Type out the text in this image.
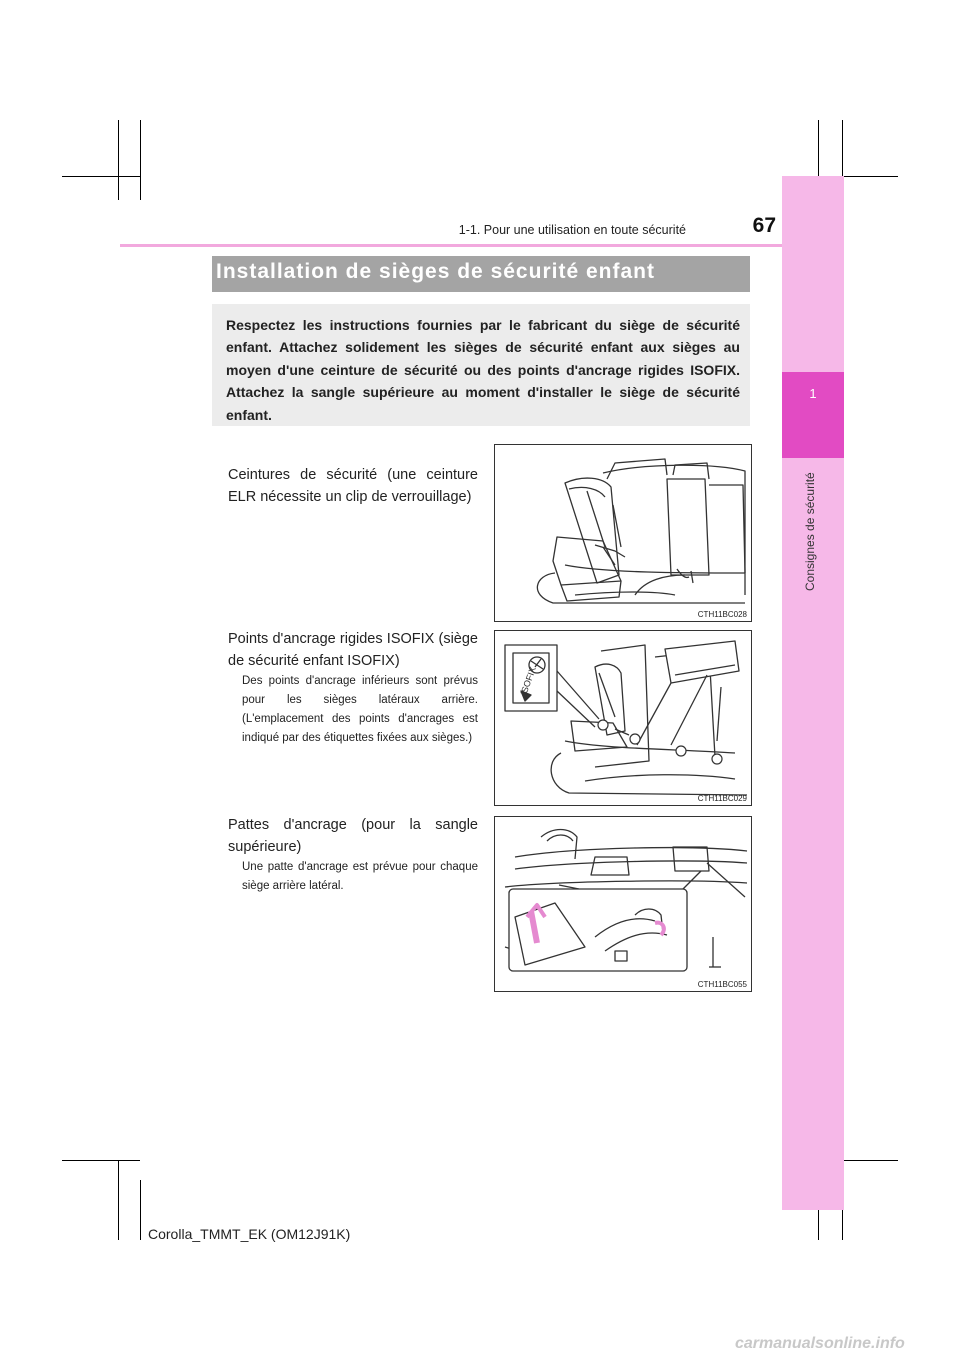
1
Consignes de sécurité
1-1. Pour une utilisation en toute sécurité	67
Installation de sièges de sécurité enfant
Respectez les instructions fournies par le fabricant du siège de sécurité enfant. Attachez solidement les sièges de sécurité enfant aux sièges au moyen d'une ceinture de sécurité ou des points d'ancrage rigides ISOFIX. Attachez la sangle supérieure au moment d'installer le siège de sécurité enfant.
Ceintures de sécurité (une ceinture ELR nécessite un clip de verrouillage)
CTH11BC028
Points d'ancrage rigides ISOFIX (siège de sécurité enfant ISOFIX)
Des points d'ancrage inférieurs sont prévus pour les sièges latéraux arrière. (L'emplacement des points d'ancrages est indiqué par des étiquettes fixées aux sièges.)
ISOFIX
CTH11BC029
Pattes d'ancrage (pour la sangle supérieure)
Une patte d'ancrage est prévue pour chaque siège arrière latéral.
CTH11BC055
Corolla_TMMT_EK (OM12J91K)
carmanualsonline.info
